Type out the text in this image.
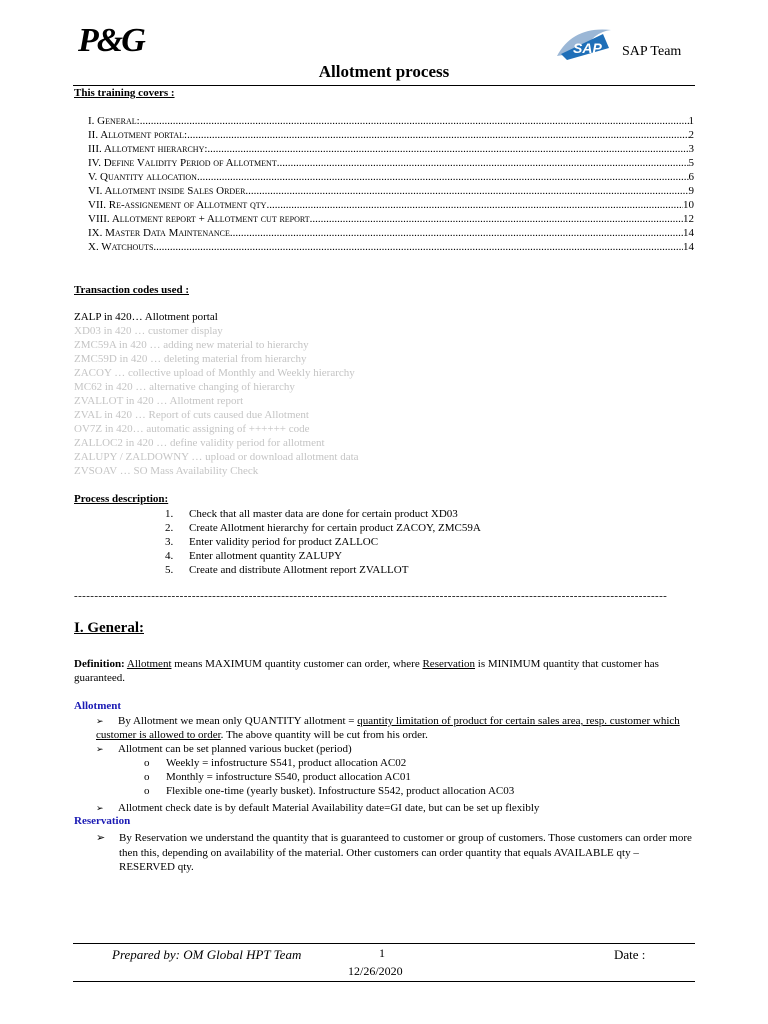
P&G	SAP SAP Team
Allotment process
This training covers :
I. General: .....	1
II. Allotment portal: .....	2
III. Allotment hierarchy: .....	3
IV. Define Validity Period of Allotment .....	5
V. Quantity allocation .....	6
VI. Allotment inside Sales Order .....	9
VII. Re-assignement of Allotment qty .....	10
VIII. Allotment report + Allotment cut report .....	12
IX. Master Data Maintenance .....	14
X. Watchouts .....	14
Transaction codes used :
ZALP in 420… Allotment portal
XD03 in 420 … customer display
ZMC59A in 420 … adding new material to hierarchy
ZMC59D in 420 … deleting material from hierarchy
ZACOY … collective upload of Monthly and Weekly hierarchy
MC62 in 420 … alternative changing of hierarchy
ZVALLOT in 420 … Allotment report
ZVAL in 420 … Report of cuts caused due Allotment
OV7Z in 420… automatic assigning of ++++++ code
ZALLOC2 in 420 … define validity period for allotment
ZALUPY / ZALDOWNY … upload or download allotment data
ZVSOAV … SO Mass Availability Check
Process description:
1. Check that all master data are done for certain product XD03
2. Create Allotment hierarchy for certain product ZACOY, ZMC59A
3. Enter validity period for product ZALLOC
4. Enter allotment quantity ZALUPY
5. Create and distribute Allotment report ZVALLOT
--------------------------------------------------------------------------------------------------------------------------------------------------
I. General:
Definition: Allotment means MAXIMUM quantity customer can order, where Reservation is MINIMUM quantity that customer has guaranteed.
Allotment
➢ By Allotment we mean only QUANTITY allotment = quantity limitation of product for certain sales area, resp. customer which customer is allowed to order. The above quantity will be cut from his order.
➢ Allotment can be set planned various bucket (period)
o Weekly = infostructure S541, product allocation AC02
o Monthly = infostructure S540, product allocation AC01
o Flexible one-time (yearly busket). Infostructure S542, product allocation AC03
➢ Allotment check date is by default Material Availability date=GI date, but can be set up flexibly
Reservation
➢ By Reservation we understand the quantity that is guaranteed to customer or group of customers. Those customers can order more then this, depending on availability of the material. Other customers can order quantity that equals AVAILABLE qty – RESERVED qty.
Prepared by: OM Global HPT Team	1	Date :
12/26/2020
